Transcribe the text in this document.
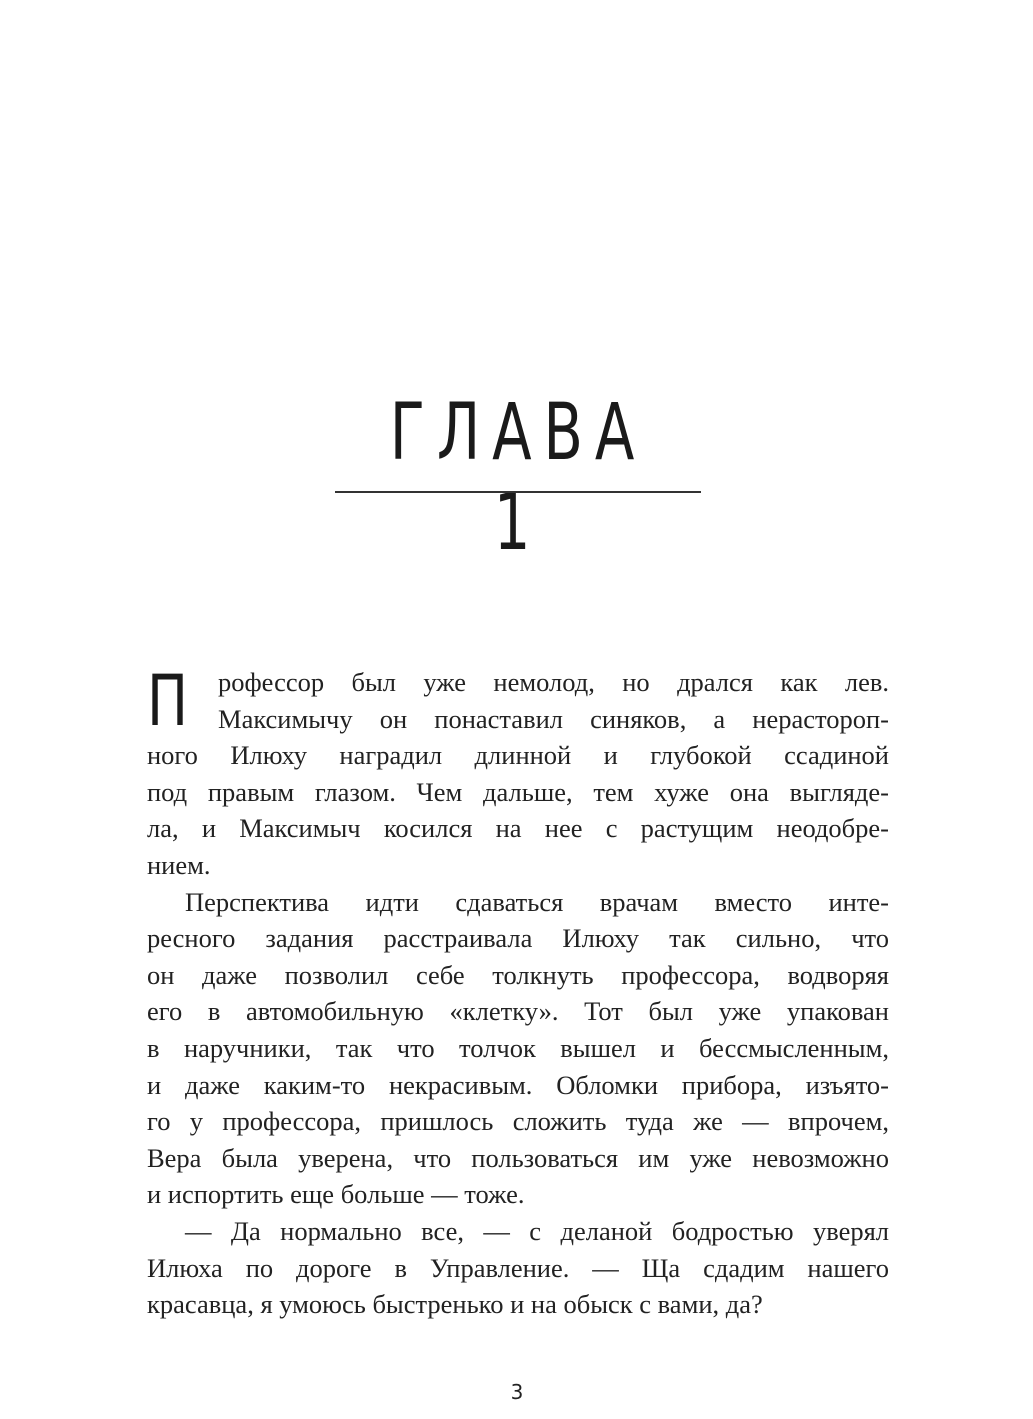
ГЛАВА 1
П	рофессор был уже немолод, но дрался как лев.
Максимычу он понаставил синяков, а нерастороп-
ного Илюху наградил длинной и глубокой ссадиной
под правым глазом. Чем дальше, тем хуже она выгляде-
ла, и Максимыч косился на нее с растущим неодобре-
нием.
Перспектива идти сдаваться врачам вместо инте-
ресного задания расстраивала Илюху так сильно, что
он даже позволил себе толкнуть профессора, водворяя
его в автомобильную «клетку». Тот был уже упакован
в наручники, так что толчок вышел и бессмысленным,
и даже каким-то некрасивым. Обломки прибора, изъято-
го у профессора, пришлось сложить туда же — впрочем,
Вера была уверена, что пользоваться им уже невозможно
и испортить еще больше — тоже.
— Да нормально все, — с деланой бодростью уверял
Илюха по дороге в Управление. — Ща сдадим нашего
красавца, я умоюсь быстренько и на обыск с вами, да?
3
